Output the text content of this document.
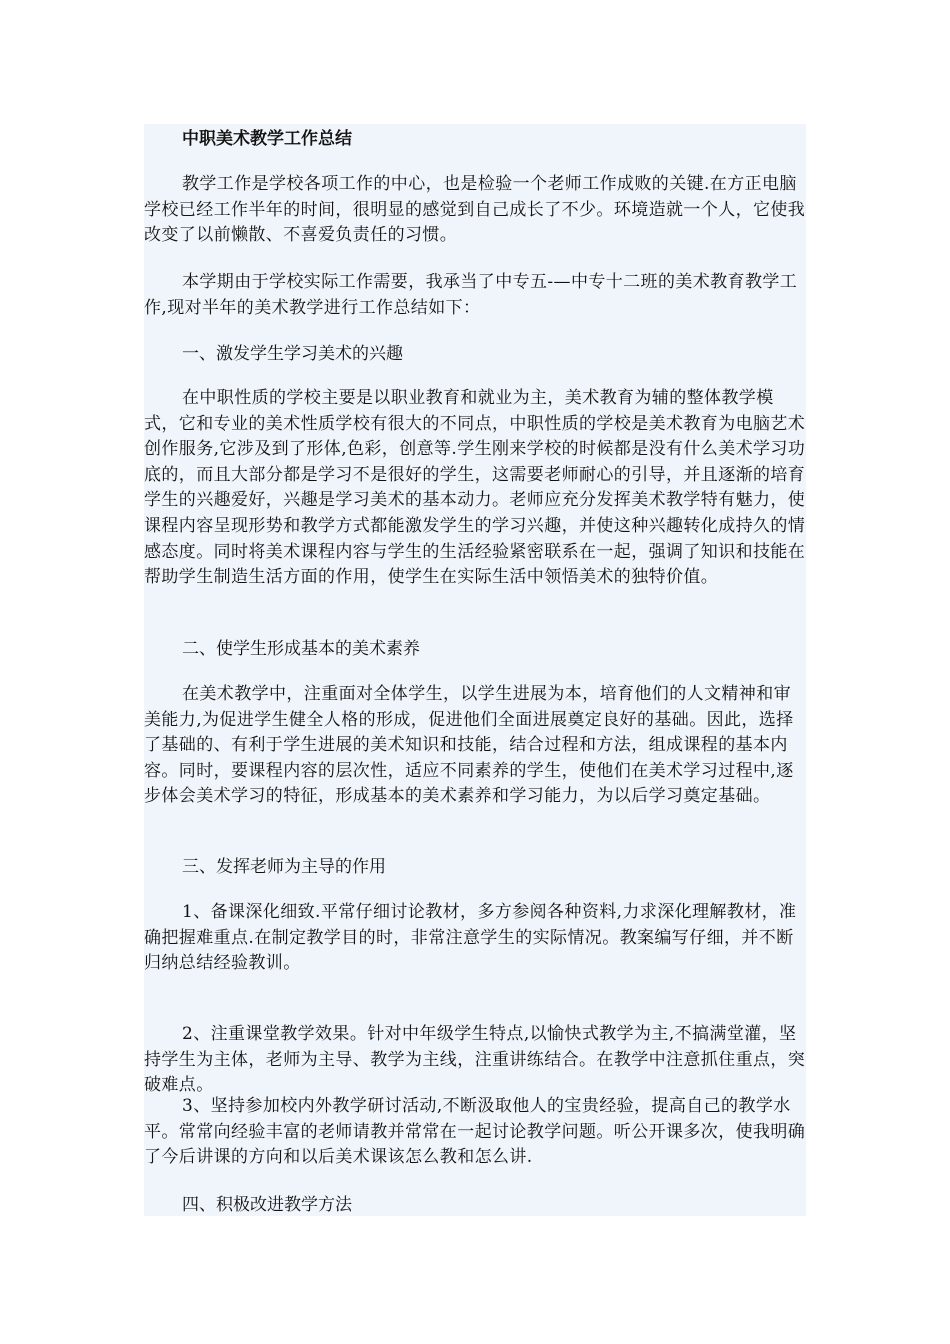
中职美术教学工作总结

教学工作是学校各项工作的中心，也是检验一个老师工作成败的关键.在方正电脑学校已经工作半年的时间，很明显的感觉到自己成长了不少。环境造就一个人，它使我改变了以前懒散、不喜爱负责任的习惯。

本学期由于学校实际工作需要，我承当了中专五-—中专十二班的美术教育教学工作,现对半年的美术教学进行工作总结如下：

一、激发学生学习美术的兴趣

在中职性质的学校主要是以职业教育和就业为主，美术教育为辅的整体教学模式，它和专业的美术性质学校有很大的不同点，中职性质的学校是美术教育为电脑艺术创作服务,它涉及到了形体,色彩，创意等.学生刚来学校的时候都是没有什么美术学习功底的，而且大部分都是学习不是很好的学生，这需要老师耐心的引导，并且逐渐的培育学生的兴趣爱好，兴趣是学习美术的基本动力。老师应充分发挥美术教学特有魅力，使课程内容呈现形势和教学方式都能激发学生的学习兴趣，并使这种兴趣转化成持久的情感态度。同时将美术课程内容与学生的生活经验紧密联系在一起，强调了知识和技能在帮助学生制造生活方面的作用，使学生在实际生活中领悟美术的独特价值。

二、使学生形成基本的美术素养

在美术教学中，注重面对全体学生，以学生进展为本，培育他们的人文精神和审美能力,为促进学生健全人格的形成，促进他们全面进展奠定良好的基础。因此，选择了基础的、有利于学生进展的美术知识和技能，结合过程和方法，组成课程的基本内容。同时，要课程内容的层次性，适应不同素养的学生，使他们在美术学习过程中,逐步体会美术学习的特征，形成基本的美术素养和学习能力，为以后学习奠定基础。

三、发挥老师为主导的作用

1、备课深化细致.平常仔细讨论教材，多方参阅各种资料,力求深化理解教材，准确把握难重点.在制定教学目的时，非常注意学生的实际情况。教案编写仔细，并不断归纳总结经验教训。

2、注重课堂教学效果。针对中年级学生特点,以愉快式教学为主,不搞满堂灌，坚持学生为主体，老师为主导、教学为主线，注重讲练结合。在教学中注意抓住重点，突破难点。

3、坚持参加校内外教学研讨活动,不断汲取他人的宝贵经验，提高自己的教学水平。常常向经验丰富的老师请教并常常在一起讨论教学问题。听公开课多次，使我明确了今后讲课的方向和以后美术课该怎么教和怎么讲.

四、积极改进教学方法
